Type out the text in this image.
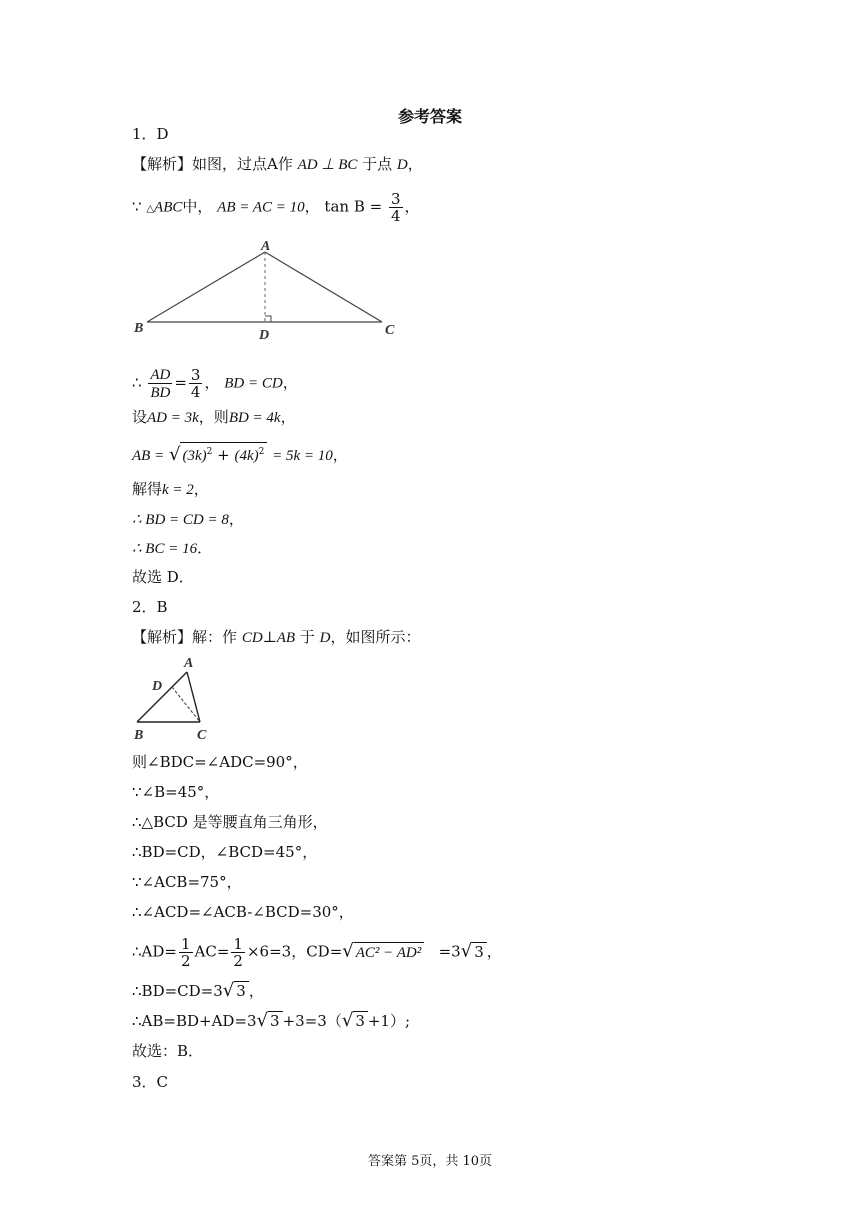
参考答案
1．D
【解析】如图，过点A作 AD ⊥ BC 于点 D，
∵ △ABC中， AB = AC = 10， $\tan B = \frac{3}{4}$ ，
A
B	C
D
∴ $\frac{AD}{BD} = \frac{3}{4}$ ， BD = CD，
设AD = 3k，则BD = 4k，
AB = √ $(3k)^2 + (4k)^2 = 5k = 10$，
解得k = 2，
∴ BD = CD = 8，
∴ BC = 16．
故选 D．
2．B
【解析】解：作 CD⊥AB 于 D，如图所示：
A
D
B	C
则∠BDC=∠ADC=90°，
∵∠B=45°，
∴△BCD 是等腰直角三角形，
∴BD=CD，∠BCD=45°，
∵∠ACB=75°，
∴∠ACD=∠ACB-∠BCD=30°，
∴AD= $\frac{1}{2} AC= \frac{1}{2} \times 6=3$，CD=√ AC² − AD² =3√ 3 ，
∴BD=CD=3√ 3 ，
∴AB=BD+AD=3√ 3 +3=3（√ 3 +1）;
故选：B．
3．C
答案第 5页，共 10页
